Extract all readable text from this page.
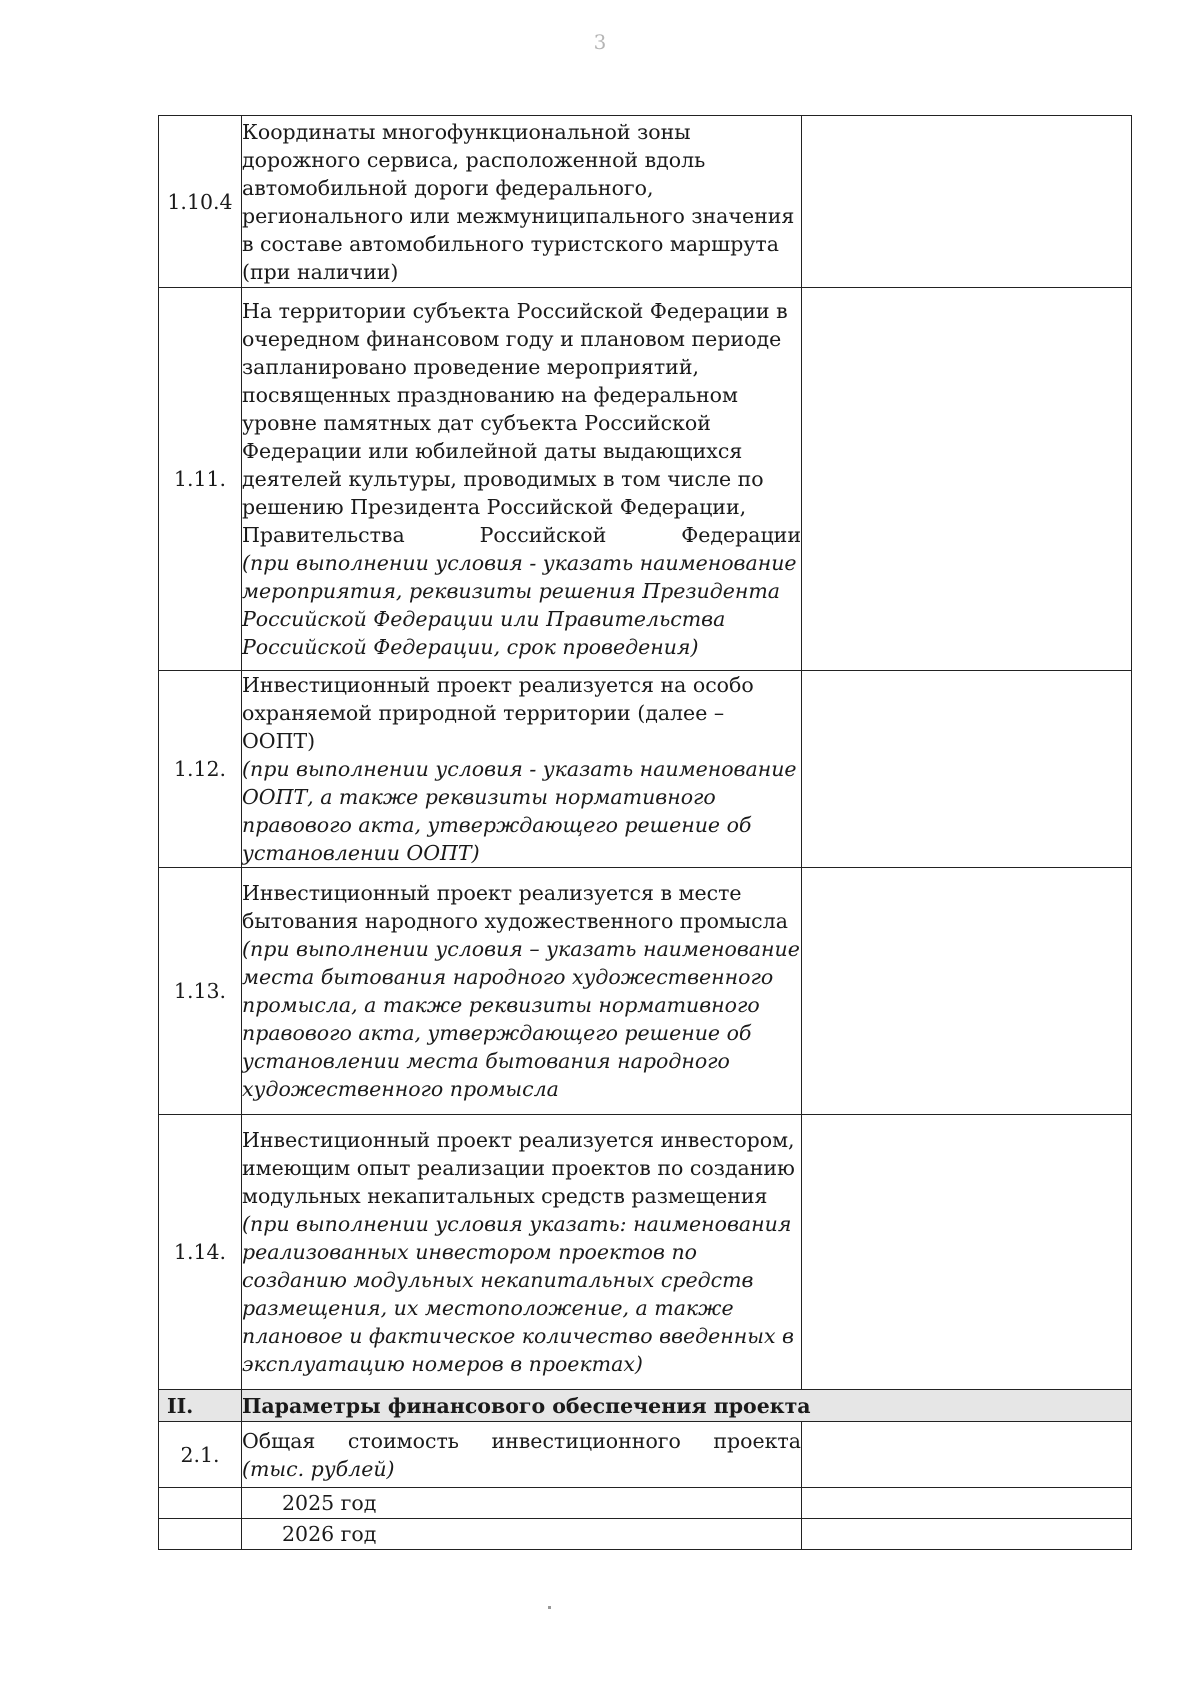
3
1.10.4	Координаты многофункциональной зоны дорожного сервиса, расположенной вдоль автомобильной дороги федерального, регионального или межмуниципального значения в составе автомобильного туристского маршрута (при наличии)	

1.11.	На территории субъекта Российской Федерации в очередном финансовом году и плановом периоде запланировано проведение мероприятий, посвященных празднованию на федеральном уровне памятных дат субъекта Российской Федерации или юбилейной даты выдающихся деятелей культуры, проводимых в том числе по решению Президента Российской Федерации,
Правительства Российской Федерации
(при выполнении условия - указать наименование мероприятия, реквизиты решения Президента Российской Федерации или Правительства Российской Федерации, срок проведения)	

1.12.	Инвестиционный проект реализуется на особо охраняемой природной территории (далее – ООПТ)
(при выполнении условия - указать наименование ООПТ, а также реквизиты нормативного правового акта, утверждающего решение об установлении ООПТ)	

1.13.	Инвестиционный проект реализуется в месте бытования народного художественного промысла
(при выполнении условия – указать наименование места бытования народного художественного промысла, а также реквизиты нормативного правового акта, утверждающего решение об установлении места бытования народного художественного промысла	

1.14.	Инвестиционный проект реализуется инвестором, имеющим опыт реализации проектов по созданию модульных некапитальных средств размещения
(при выполнении условия указать: наименования реализованных инвестором проектов по созданию модульных некапитальных средств размещения, их местоположение, а также плановое и фактическое количество введенных в эксплуатацию номеров в проектах)	

II.	Параметры финансового обеспечения проекта	
2.1.	Общая стоимость инвестиционного проекта
(тыс. рублей)	

	2025 год	
	2026 год	
